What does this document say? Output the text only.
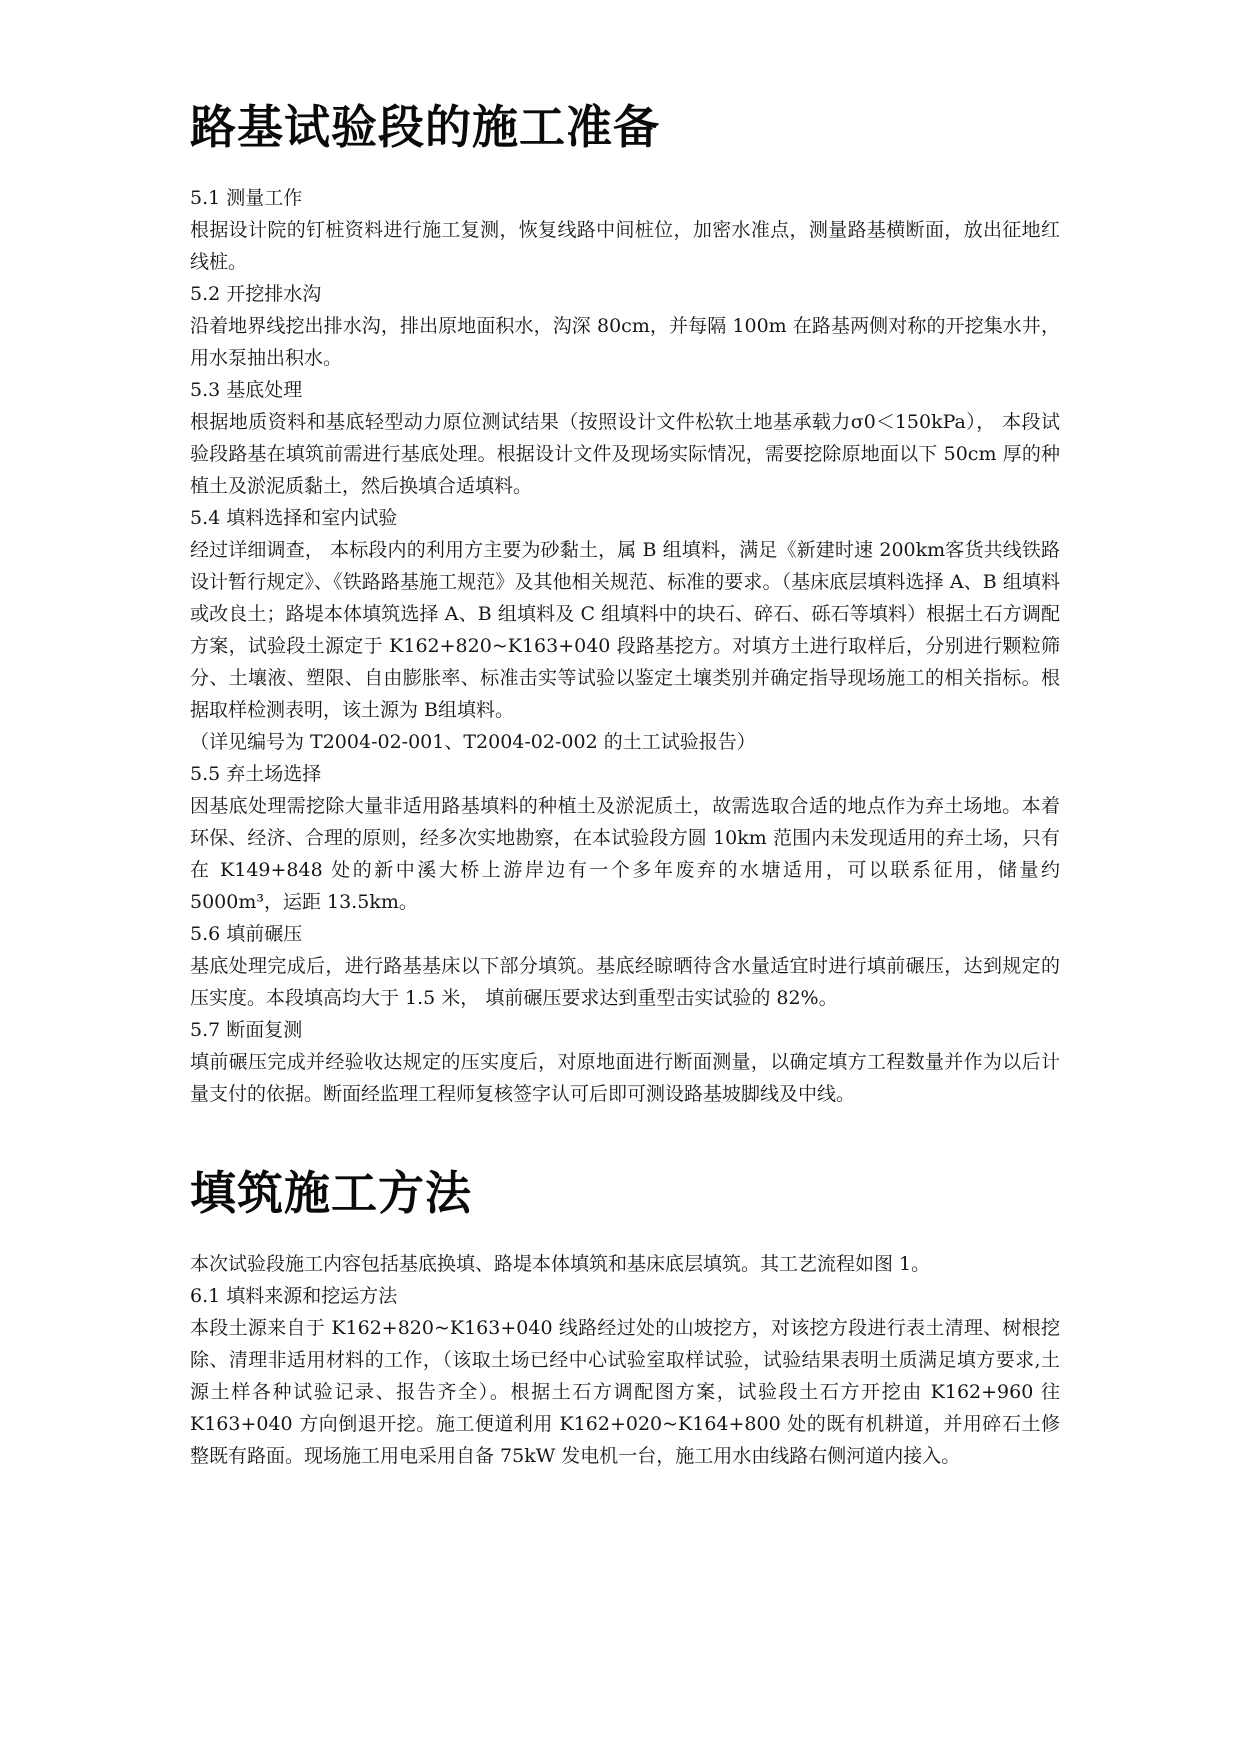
路基试验段的施工准备

5.1 测量工作

根据设计院的钉桩资料进行施工复测，恢复线路中间桩位，加密水准点，测量路基横断面，放出征地红线桩。

5.2 开挖排水沟

沿着地界线挖出排水沟，排出原地面积水，沟深 80cm，并每隔 100m 在路基两侧对称的开挖集水井，用水泵抽出积水。

5.3 基底处理

根据地质资料和基底轻型动力原位测试结果（按照设计文件松软土地基承载力σ0＜150kPa）， 本段试验段路基在填筑前需进行基底处理。根据设计文件及现场实际情况，需要挖除原地面以下 50cm 厚的种植土及淤泥质黏土，然后换填合适填料。

5.4 填料选择和室内试验

经过详细调查， 本标段内的利用方主要为砂黏土，属 B 组填料，满足《新建时速 200km客货共线铁路设计暂行规定》、《铁路路基施工规范》及其他相关规范、标准的要求。（基床底层填料选择 A、B 组填料或改良土；路堤本体填筑选择 A、B 组填料及 C 组填料中的块石、碎石、砾石等填料）根据土石方调配方案，试验段土源定于 K162+820~K163+040 段路基挖方。对填方土进行取样后，分别进行颗粒筛分、土壤液、塑限、自由膨胀率、标准击实等试验以鉴定土壤类别并确定指导现场施工的相关指标。根据取样检测表明，该土源为 B组填料。

（详见编号为 T2004-02-001、T2004-02-002 的土工试验报告）

5.5 弃土场选择

因基底处理需挖除大量非适用路基填料的种植土及淤泥质土，故需选取合适的地点作为弃土场地。本着环保、经济、合理的原则，经多次实地勘察，在本试验段方圆 10km 范围内未发现适用的弃土场，只有在 K149+848 处的新中溪大桥上游岸边有一个多年废弃的水塘适用，可以联系征用，储量约 5000m³，运距 13.5km。

5.6 填前碾压

基底处理完成后，进行路基基床以下部分填筑。基底经晾晒待含水量适宜时进行填前碾压，达到规定的压实度。本段填高均大于 1.5 米， 填前碾压要求达到重型击实试验的 82%。

5.7 断面复测

填前碾压完成并经验收达规定的压实度后，对原地面进行断面测量，以确定填方工程数量并作为以后计量支付的依据。断面经监理工程师复核签字认可后即可测设路基坡脚线及中线。

填筑施工方法

本次试验段施工内容包括基底换填、路堤本体填筑和基床底层填筑。其工艺流程如图 1。

6.1 填料来源和挖运方法

本段土源来自于 K162+820~K163+040 线路经过处的山坡挖方，对该挖方段进行表土清理、树根挖除、清理非适用材料的工作，（该取土场已经中心试验室取样试验，试验结果表明土质满足填方要求,土源土样各种试验记录、报告齐全）。根据土石方调配图方案，试验段土石方开挖由 K162+960 往 K163+040 方向倒退开挖。施工便道利用 K162+020~K164+800 处的既有机耕道，并用碎石土修整既有路面。现场施工用电采用自备 75kW 发电机一台，施工用水由线路右侧河道内接入。
